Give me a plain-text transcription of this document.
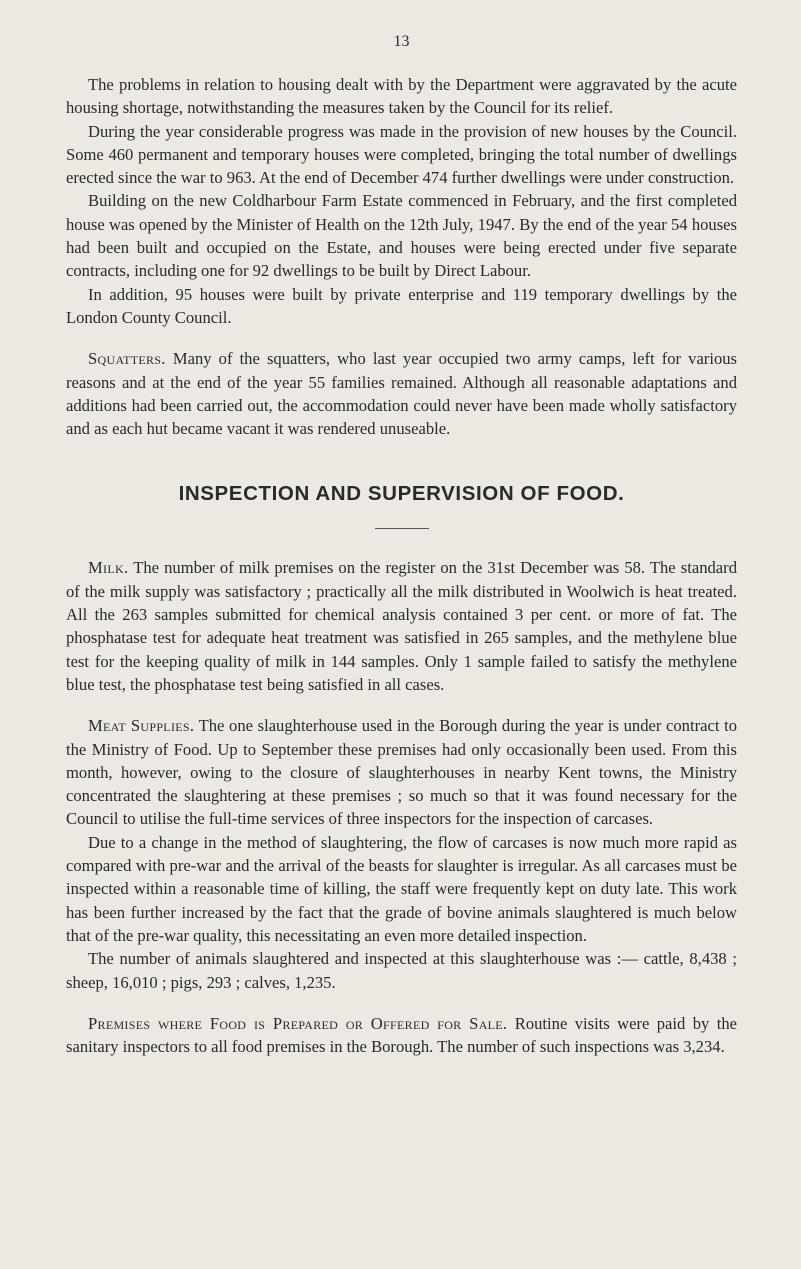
13

The problems in relation to housing dealt with by the Department were aggravated by the acute housing shortage, notwithstanding the measures taken by the Council for its relief.

During the year considerable progress was made in the provision of new houses by the Council. Some 460 permanent and temporary houses were completed, bringing the total number of dwellings erected since the war to 963. At the end of December 474 further dwellings were under construction.

Building on the new Coldharbour Farm Estate commenced in February, and the first completed house was opened by the Minister of Health on the 12th July, 1947. By the end of the year 54 houses had been built and occupied on the Estate, and houses were being erected under five separate contracts, including one for 92 dwellings to be built by Direct Labour.

In addition, 95 houses were built by private enterprise and 119 temporary dwellings by the London County Council.

Squatters. Many of the squatters, who last year occupied two army camps, left for various reasons and at the end of the year 55 families remained. Although all reasonable adaptations and additions had been carried out, the accommodation could never have been made wholly satisfactory and as each hut became vacant it was rendered unuseable.

INSPECTION AND SUPERVISION OF FOOD.

Milk. The number of milk premises on the register on the 31st December was 58. The standard of the milk supply was satisfactory ; practically all the milk distributed in Woolwich is heat treated. All the 263 samples submitted for chemical analysis contained 3 per cent. or more of fat. The phosphatase test for adequate heat treatment was satisfied in 265 samples, and the methylene blue test for the keeping quality of milk in 144 samples. Only 1 sample failed to satisfy the methylene blue test, the phosphatase test being satisfied in all cases.

Meat Supplies. The one slaughterhouse used in the Borough during the year is under contract to the Ministry of Food. Up to September these premises had only occasionally been used. From this month, however, owing to the closure of slaughterhouses in nearby Kent towns, the Ministry concentrated the slaughtering at these premises ; so much so that it was found necessary for the Council to utilise the full-time services of three inspectors for the inspection of carcases.

Due to a change in the method of slaughtering, the flow of carcases is now much more rapid as compared with pre-war and the arrival of the beasts for slaughter is irregular. As all carcases must be inspected within a reasonable time of killing, the staff were frequently kept on duty late. This work has been further increased by the fact that the grade of bovine animals slaughtered is much below that of the pre-war quality, this necessitating an even more detailed inspection.

The number of animals slaughtered and inspected at this slaughterhouse was :— cattle, 8,438 ; sheep, 16,010 ; pigs, 293 ; calves, 1,235.

Premises where Food is Prepared or Offered for Sale. Routine visits were paid by the sanitary inspectors to all food premises in the Borough. The number of such inspections was 3,234.
